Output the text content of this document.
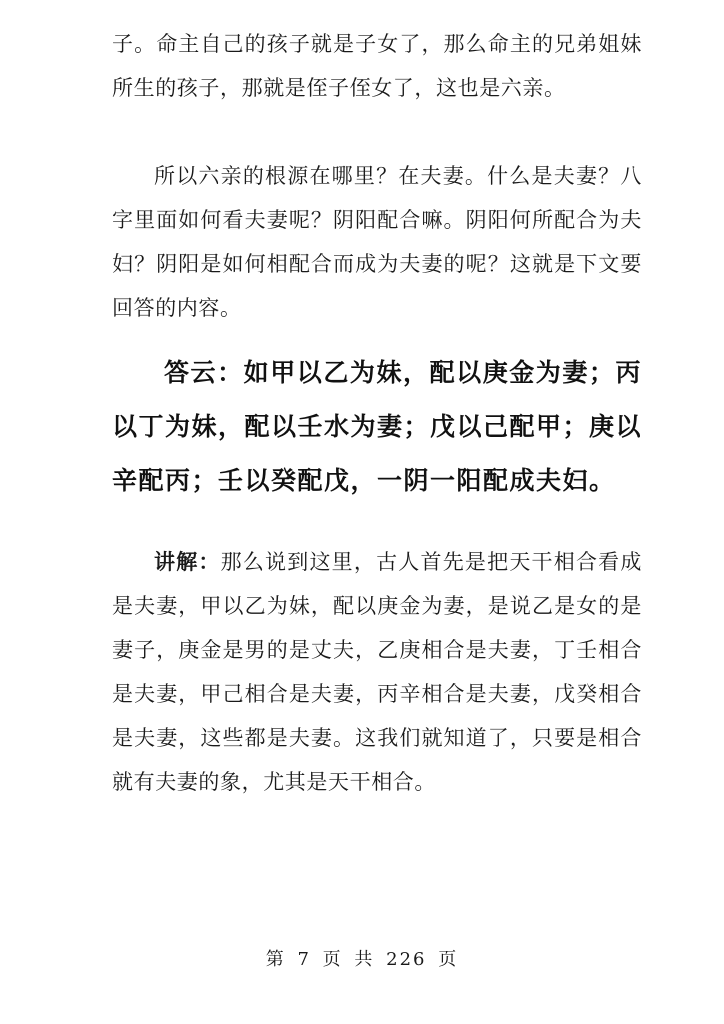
子。命主自己的孩子就是子女了，那么命主的兄弟姐妹所生的孩子，那就是侄子侄女了，这也是六亲。

所以六亲的根源在哪里？在夫妻。什么是夫妻？八字里面如何看夫妻呢？阴阳配合嘛。阴阳何所配合为夫妇？阴阳是如何相配合而成为夫妻的呢？这就是下文要回答的内容。

答云：如甲以乙为妹，配以庚金为妻；丙以丁为妹，配以壬水为妻；戊以己配甲；庚以辛配丙；壬以癸配戊，一阴一阳配成夫妇。

讲解：那么说到这里，古人首先是把天干相合看成是夫妻，甲以乙为妹，配以庚金为妻，是说乙是女的是妻子，庚金是男的是丈夫，乙庚相合是夫妻，丁壬相合是夫妻，甲己相合是夫妻，丙辛相合是夫妻，戊癸相合是夫妻，这些都是夫妻。这我们就知道了，只要是相合就有夫妻的象，尤其是天干相合。

第 7 页 共 226 页
